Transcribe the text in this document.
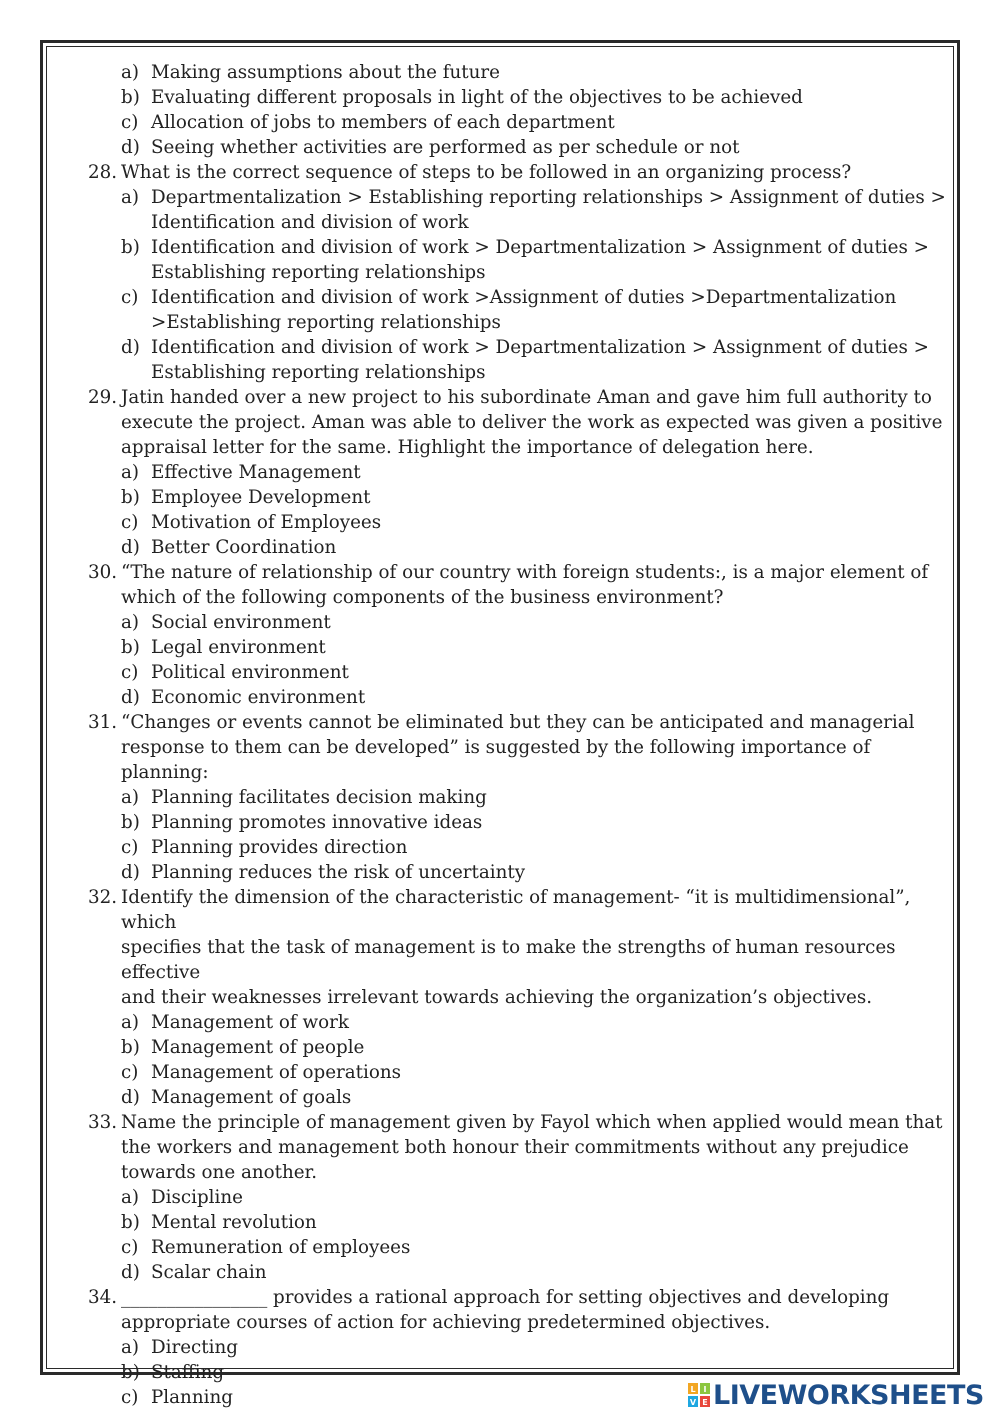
a) Making assumptions about the future
b) Evaluating different proposals in light of the objectives to be achieved
c) Allocation of jobs to members of each department
d) Seeing whether activities are performed as per schedule or not
28. What is the correct sequence of steps to be followed in an organizing process?
a) Departmentalization > Establishing reporting relationships > Assignment of duties >
Identification and division of work
b) Identification and division of work > Departmentalization > Assignment of duties >
Establishing reporting relationships
c) Identification and division of work >Assignment of duties >Departmentalization
>Establishing reporting relationships
d) Identification and division of work > Departmentalization > Assignment of duties >
Establishing reporting relationships
29. Jatin handed over a new project to his subordinate Aman and gave him full authority to
execute the project. Aman was able to deliver the work as expected was given a positive
appraisal letter for the same. Highlight the importance of delegation here.
a) Effective Management
b) Employee Development
c) Motivation of Employees
d) Better Coordination
30. “The nature of relationship of our country with foreign students:, is a major element of
which of the following components of the business environment?
a) Social environment
b) Legal environment
c) Political environment
d) Economic environment
31. “Changes or events cannot be eliminated but they can be anticipated and managerial
response to them can be developed” is suggested by the following importance of planning:
a) Planning facilitates decision making
b) Planning promotes innovative ideas
c) Planning provides direction
d) Planning reduces the risk of uncertainty
32. Identify the dimension of the characteristic of management- “it is multidimensional”, which
specifies that the task of management is to make the strengths of human resources effective
and their weaknesses irrelevant towards achieving the organization’s objectives.
a) Management of work
b) Management of people
c) Management of operations
d) Management of goals
33. Name the principle of management given by Fayol which when applied would mean that
the workers and management both honour their commitments without any prejudice
towards one another.
a) Discipline
b) Mental revolution
c) Remuneration of employees
d) Scalar chain
34. ________________ provides a rational approach for setting objectives and developing
appropriate courses of action for achieving predetermined objectives.
a) Directing
b) Staffing
c) Planning	L I
V E LIVEWORKSHEETS
